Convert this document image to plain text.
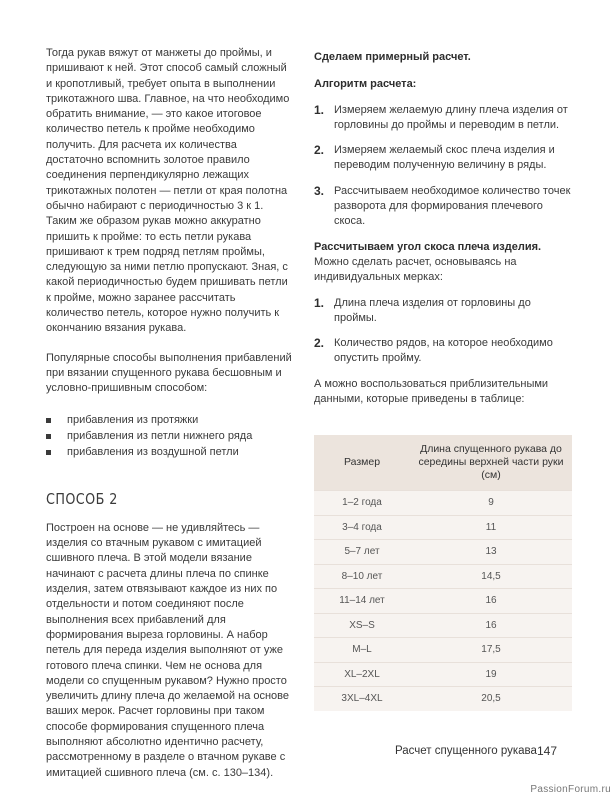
Тогда рукав вяжут от манжеты до проймы, и пришивают к ней. Этот способ самый сложный и кропотливый, требует опыта в выполнении трикотажного шва. Главное, на что необходимо обратить внимание, — это какое итоговое количество петель к пройме необходимо получить. Для расчета их количества достаточно вспомнить золотое правило соединения перпендикулярно лежащих трикотажных полотен — петли от края полотна обычно набирают с периодичностью 3 к 1. Таким же образом рукав можно аккуратно пришить к пройме: то есть петли рукава пришивают к трем подряд петлям проймы, следующую за ними петлю пропускают. Зная, с какой периодичностью будем пришивать петли к пройме, можно заранее рассчитать количество петель, которое нужно получить к окончанию вязания рукава.

Популярные способы выполнения прибавлений при вязании спущенного рукава бесшовным и условно-пришивным способом:

прибавления из протяжки
прибавления из петли нижнего ряда
прибавления из воздушной петли
СПОСОБ 2

Построен на основе — не удивляйтесь — изделия со втачным рукавом с имитацией сшивного плеча. В этой модели вязание начинают с расчета длины плеча по спинке изделия, затем отвязывают каждое из них по отдельности и потом соединяют после выполнения всех прибавлений для формирования выреза горловины. А набор петель для переда изделия выполняют от уже готового плеча спинки. Чем не основа для модели со спущенным рукавом? Нужно просто увеличить длину плеча до желаемой на основе ваших мерок. Расчет горловины при таком способе формирования спущенного плеча выполняют абсолютно идентично расчету, рассмотренному в разделе о втачном рукаве с имитацией сшивного плеча (см. с. 130–134).

Сделаем примерный расчет.

Алгоритм расчета:

1. Измеряем желаемую длину плеча изделия от горловины до проймы и переводим в петли.
2. Измеряем желаемый скос плеча изделия и переводим полученную величину в ряды.
3. Рассчитываем необходимое количество точек разворота для формирования плечевого скоса.

Рассчитываем угол скоса плеча изделия. Можно сделать расчет, основываясь на индивидуальных мерках:

1. Длина плеча изделия от горловины до проймы.
2. Количество рядов, на которое необходимо опустить пройму.

А можно воспользоваться приблизительными данными, которые приведены в таблице:

Размер	Длина спущенного рукава до середины верхней части руки (см)
1–2 года	9
3–4 года	11
5–7 лет	13
8–10 лет	14,5
11–14 лет	16
XS–S	16
M–L	17,5
XL–2XL	19
3XL–4XL	20,5
Расчет спущенного рукава 147
PassionForum.ru
